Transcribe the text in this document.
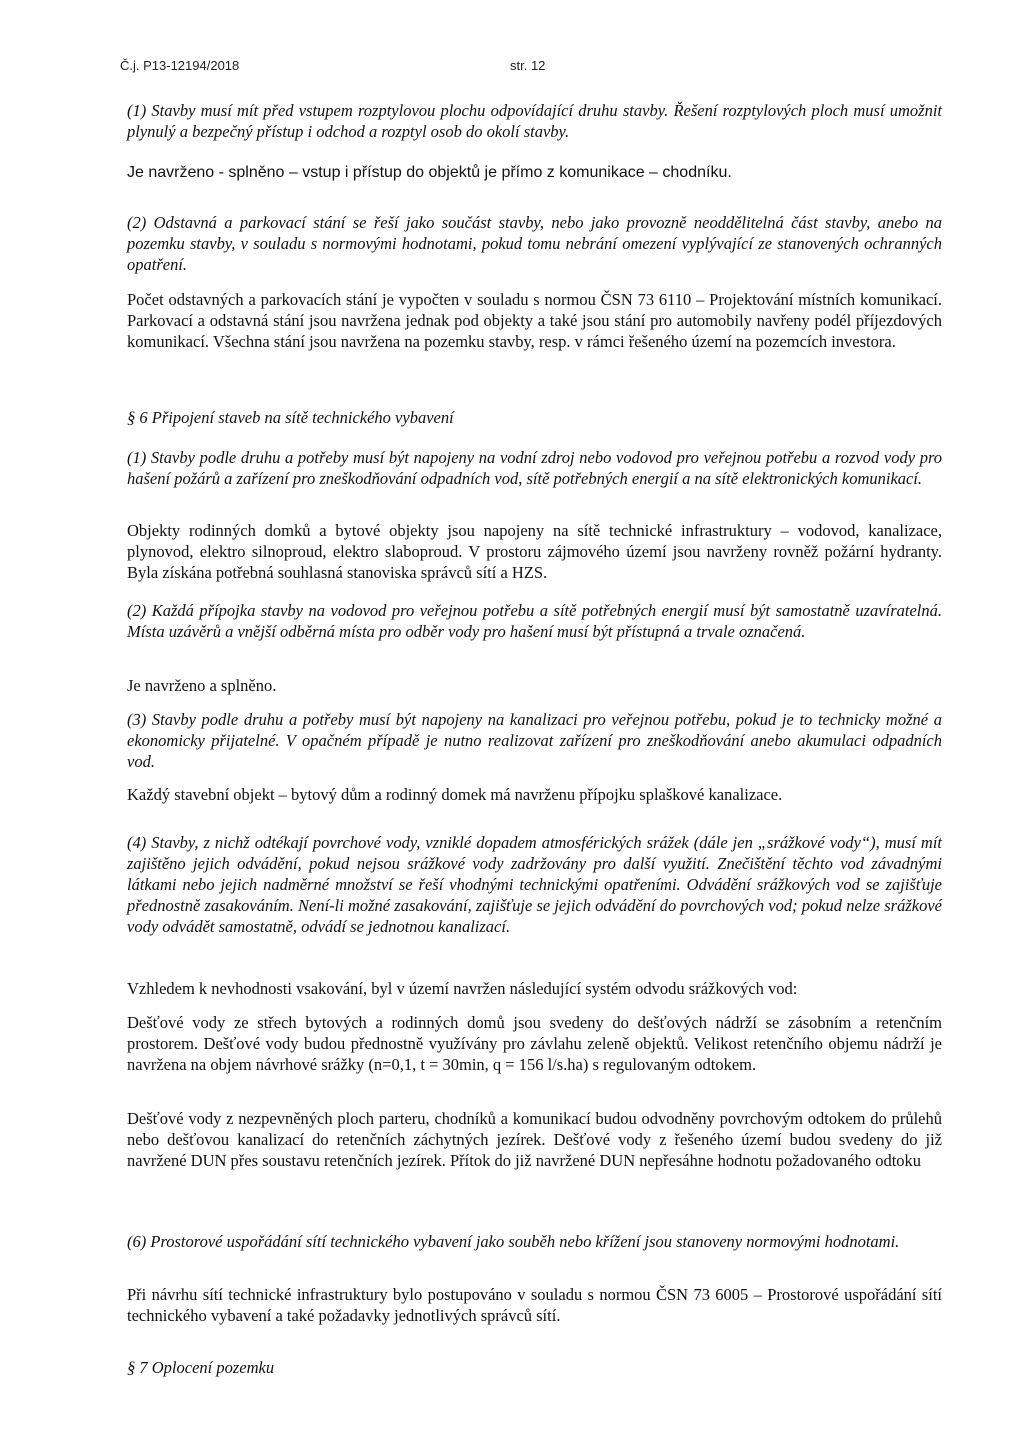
Č.j. P13-12194/2018	str. 12
(1) Stavby musí mít před vstupem rozptylovou plochu odpovídající druhu stavby. Řešení rozptylových ploch musí umožnit plynulý a bezpečný přístup i odchod a rozptyl osob do okolí stavby.
Je navrženo - splněno – vstup i přístup do objektů je přímo z komunikace – chodníku.
(2) Odstavná a parkovací stání se řeší jako součást stavby, nebo jako provozně neoddělitelná část stavby, anebo na pozemku stavby, v souladu s normovými hodnotami, pokud tomu nebrání omezení vyplývající ze stanovených ochranných opatření.
Počet odstavných a parkovacích stání je vypočten v souladu s normou ČSN 73 6110 – Projektování místních komunikací. Parkovací a odstavná stání jsou navržena jednak pod objekty a také jsou stání pro automobily navřeny podél příjezdových komunikací. Všechna stání jsou navržena na pozemku stavby, resp. v rámci řešeného území na pozemcích investora.
§ 6 Připojení staveb na sítě technického vybavení
(1) Stavby podle druhu a potřeby musí být napojeny na vodní zdroj nebo vodovod pro veřejnou potřebu a rozvod vody pro hašení požárů a zařízení pro zneškodňování odpadních vod, sítě potřebných energií a na sítě elektronických komunikací.
Objekty rodinných domků a bytové objekty jsou napojeny na sítě technické infrastruktury – vodovod, kanalizace, plynovod, elektro silnoproud, elektro slaboproud. V prostoru zájmového území jsou navrženy rovněž požární hydranty. Byla získána potřebná souhlasná stanoviska správců sítí a HZS.
(2) Každá přípojka stavby na vodovod pro veřejnou potřebu a sítě potřebných energií musí být samostatně uzavíratelná. Místa uzávěrů a vnější odběrná místa pro odběr vody pro hašení musí být přístupná a trvale označená.
Je navrženo a splněno.
(3) Stavby podle druhu a potřeby musí být napojeny na kanalizaci pro veřejnou potřebu, pokud je to technicky možné a ekonomicky přijatelné. V opačném případě je nutno realizovat zařízení pro zneškodňování anebo akumulaci odpadních vod.
Každý stavební objekt – bytový dům a rodinný domek má navrženu přípojku splaškové kanalizace.
(4) Stavby, z nichž odtékají povrchové vody, vzniklé dopadem atmosférických srážek (dále jen „srážkové vody“), musí mít zajištěno jejich odvádění, pokud nejsou srážkové vody zadržovány pro další využití. Znečištění těchto vod závadnými látkami nebo jejich nadměrné množství se řeší vhodnými technickými opatřeními. Odvádění srážkových vod se zajišťuje přednostně zasakováním. Není-li možné zasakování, zajišťuje se jejich odvádění do povrchových vod; pokud nelze srážkové vody odvádět samostatně, odvádí se jednotnou kanalizací.
Vzhledem k nevhodnosti vsakování, byl v území navržen následující systém odvodu srážkových vod:
Dešťové vody ze střech bytových a rodinných domů jsou svedeny do dešťových nádrží se zásobním a retenčním prostorem. Dešťové vody budou přednostně využívány pro závlahu zeleně objektů. Velikost retenčního objemu nádrží je navržena na objem návrhové srážky (n=0,1, t = 30min, q = 156 l/s.ha) s regulovaným odtokem.
Dešťové vody z nezpevněných ploch parteru, chodníků a komunikací budou odvodněny povrchovým odtokem do průlehů nebo dešťovou kanalizací do retenčních záchytných jezírek. Dešťové vody z řešeného území budou svedeny do již navržené DUN přes soustavu retenčních jezírek. Přítok do již navržené DUN nepřesáhne hodnotu požadovaného odtoku
(6) Prostorové uspořádání sítí technického vybavení jako souběh nebo křížení jsou stanoveny normovými hodnotami.
Při návrhu sítí technické infrastruktury bylo postupováno v souladu s normou ČSN 73 6005 – Prostorové uspořádání sítí technického vybavení a také požadavky jednotlivých správců sítí.
§ 7 Oplocení pozemku
